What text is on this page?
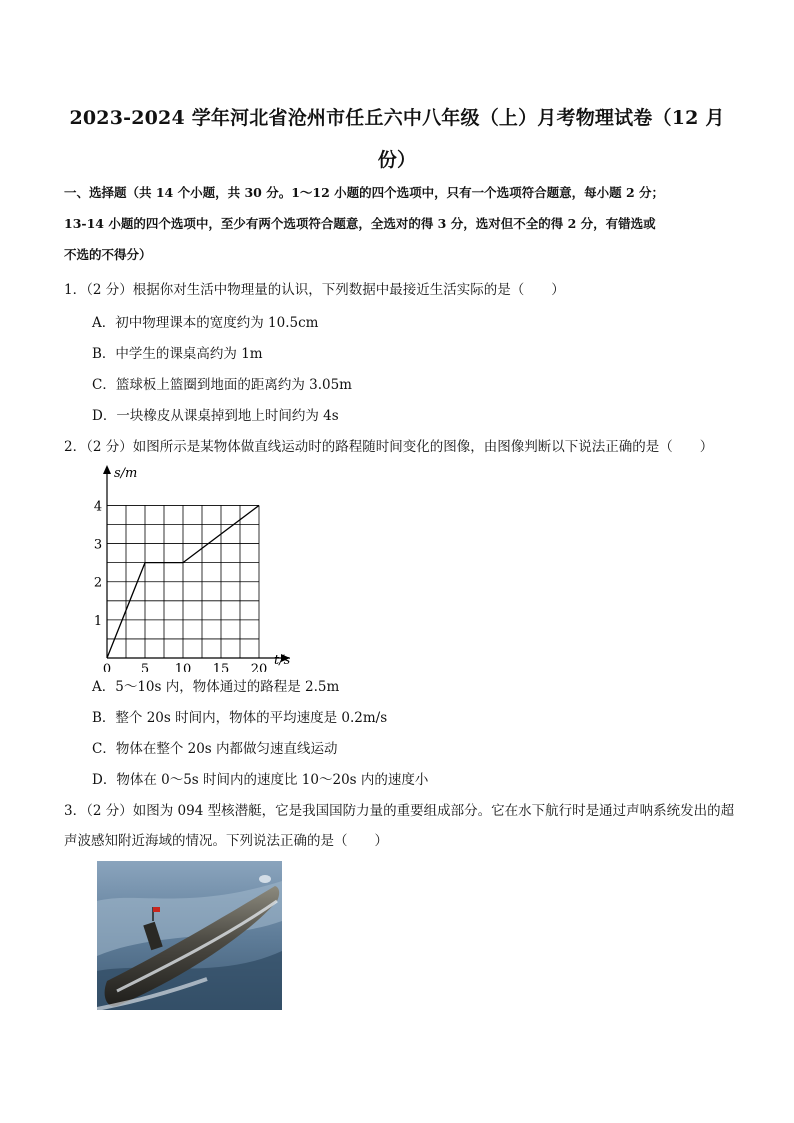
2023-2024 学年河北省沧州市任丘六中八年级（上）月考物理试卷（12 月
份）
一、选择题（共 14 个小题，共 30 分。1～12 小题的四个选项中，只有一个选项符合题意，每小题 2 分；
13-14 小题的四个选项中，至少有两个选项符合题意，全选对的得 3 分，选对但不全的得 2 分，有错选或
不选的不得分）
1．（2 分）根据你对生活中物理量的认识，下列数据中最接近生活实际的是（　　）
A．初中物理课本的宽度约为 10.5cm
B．中学生的课桌高约为 1m
C．篮球板上篮圈到地面的距离约为 3.05m
D．一块橡皮从课桌掉到地上时间约为 4s
2．（2 分）如图所示是某物体做直线运动时的路程随时间变化的图像，由图像判断以下说法正确的是（　　）
0 5 10 15 20
1
2
3
4
s/m
t/s
A．5～10s 内，物体通过的路程是 2.5m
B．整个 20s 时间内，物体的平均速度是 0.2m/s
C．物体在整个 20s 内都做匀速直线运动
D．物体在 0～5s 时间内的速度比 10～20s 内的速度小
3．（2 分）如图为 094 型核潜艇，它是我国国防力量的重要组成部分。它在水下航行时是通过声呐系统发出的超声波感知附近海域的情况。下列说法正确的是（　　）
